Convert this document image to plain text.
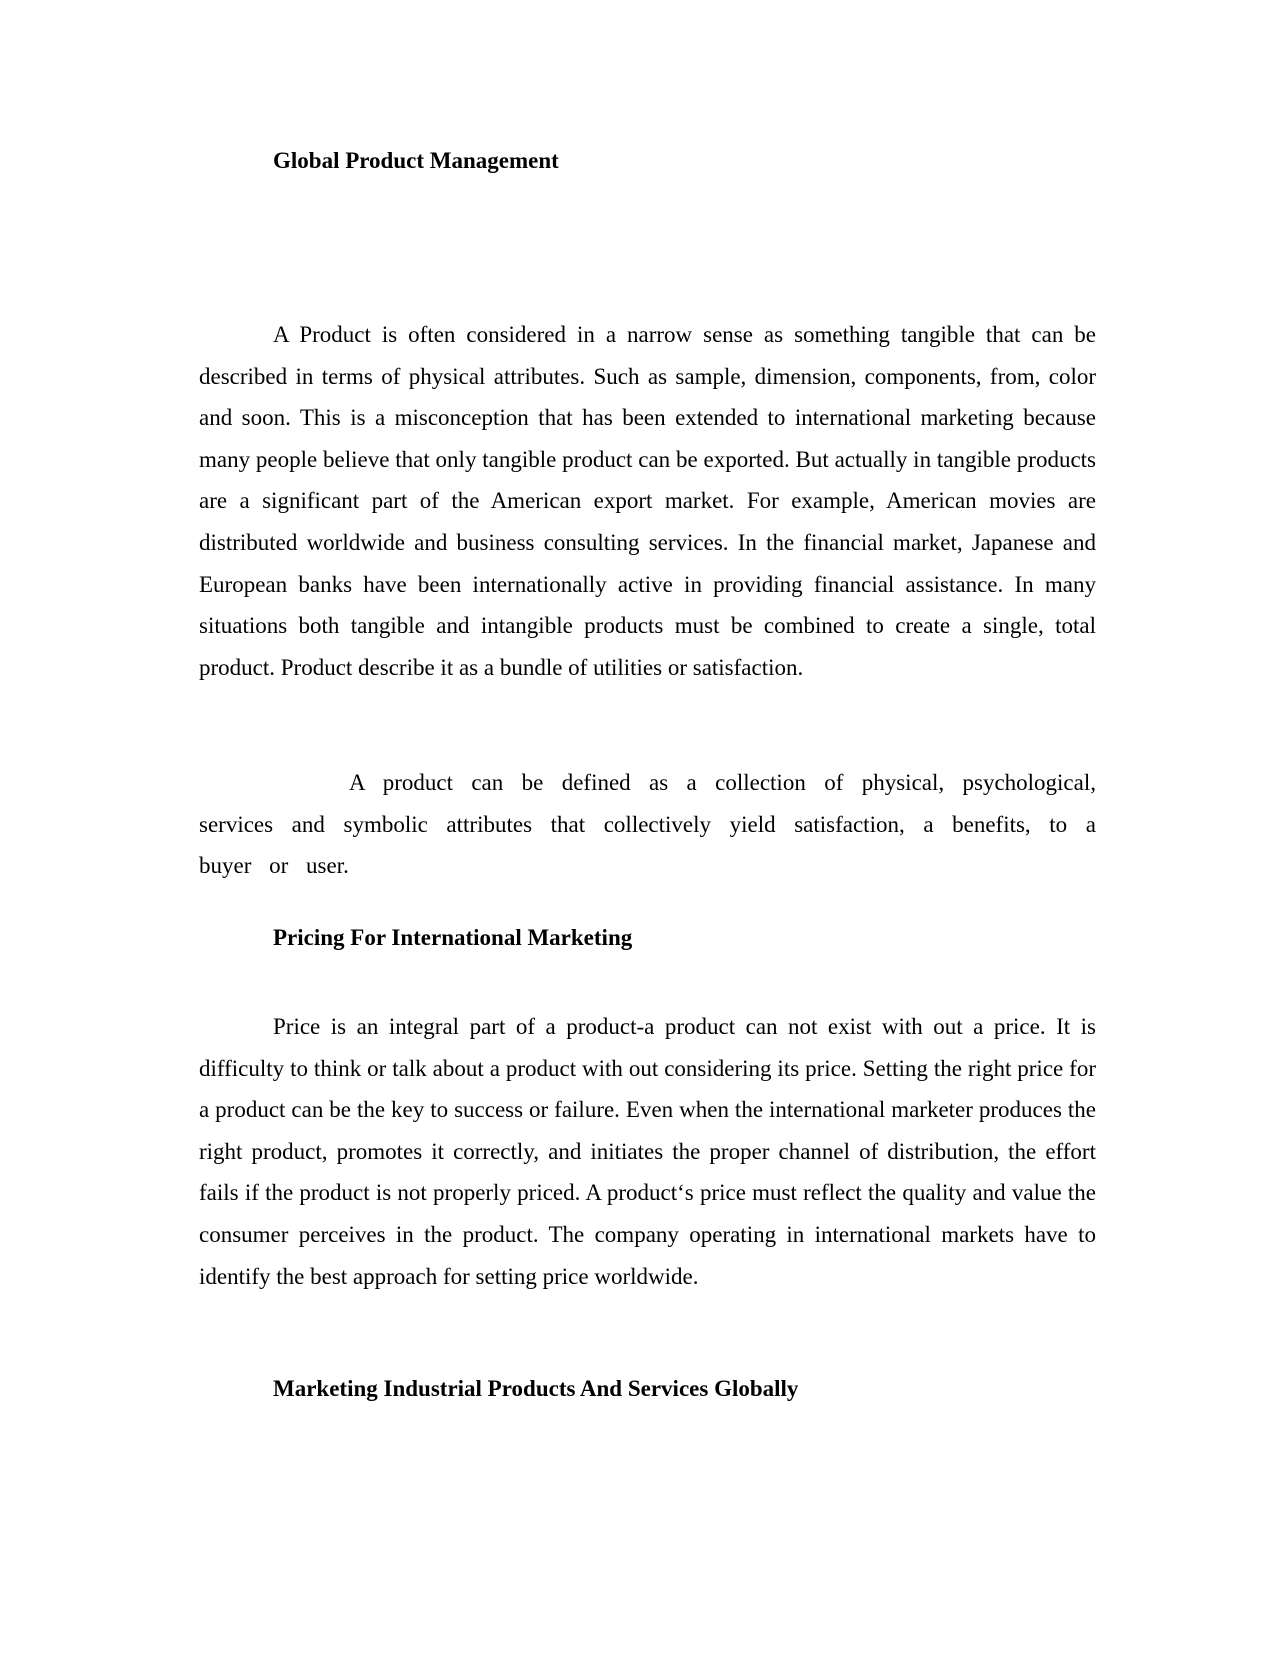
Global Product Management

A Product is often considered in a narrow sense as something tangible that can be described in terms of physical attributes. Such as sample, dimension, components, from, color and soon. This is a misconception that has been extended to international marketing because many people believe that only tangible product can be exported. But actually in tangible products are a significant part of the American export market. For example, American movies are distributed worldwide and business consulting services. In the financial market, Japanese and European banks have been internationally active in providing financial assistance. In many situations both tangible and intangible products must be combined to create a single, total product. Product describe it as a bundle of utilities or satisfaction.

A product can be defined as a collection of physical, psychological, services and symbolic attributes that collectively yield satisfaction, a benefits, to a buyer or user.

Pricing For International Marketing

Price is an integral part of a product-a product can not exist with out a price. It is difficulty to think or talk about a product with out considering its price. Setting the right price for a product can be the key to success or failure. Even when the international marketer produces the right product, promotes it correctly, and initiates the proper channel of distribution, the effort fails if the product is not properly priced. A product‘s price must reflect the quality and value the consumer perceives in the product. The company operating in international markets have to identify the best approach for setting price worldwide.

Marketing Industrial Products And Services Globally
